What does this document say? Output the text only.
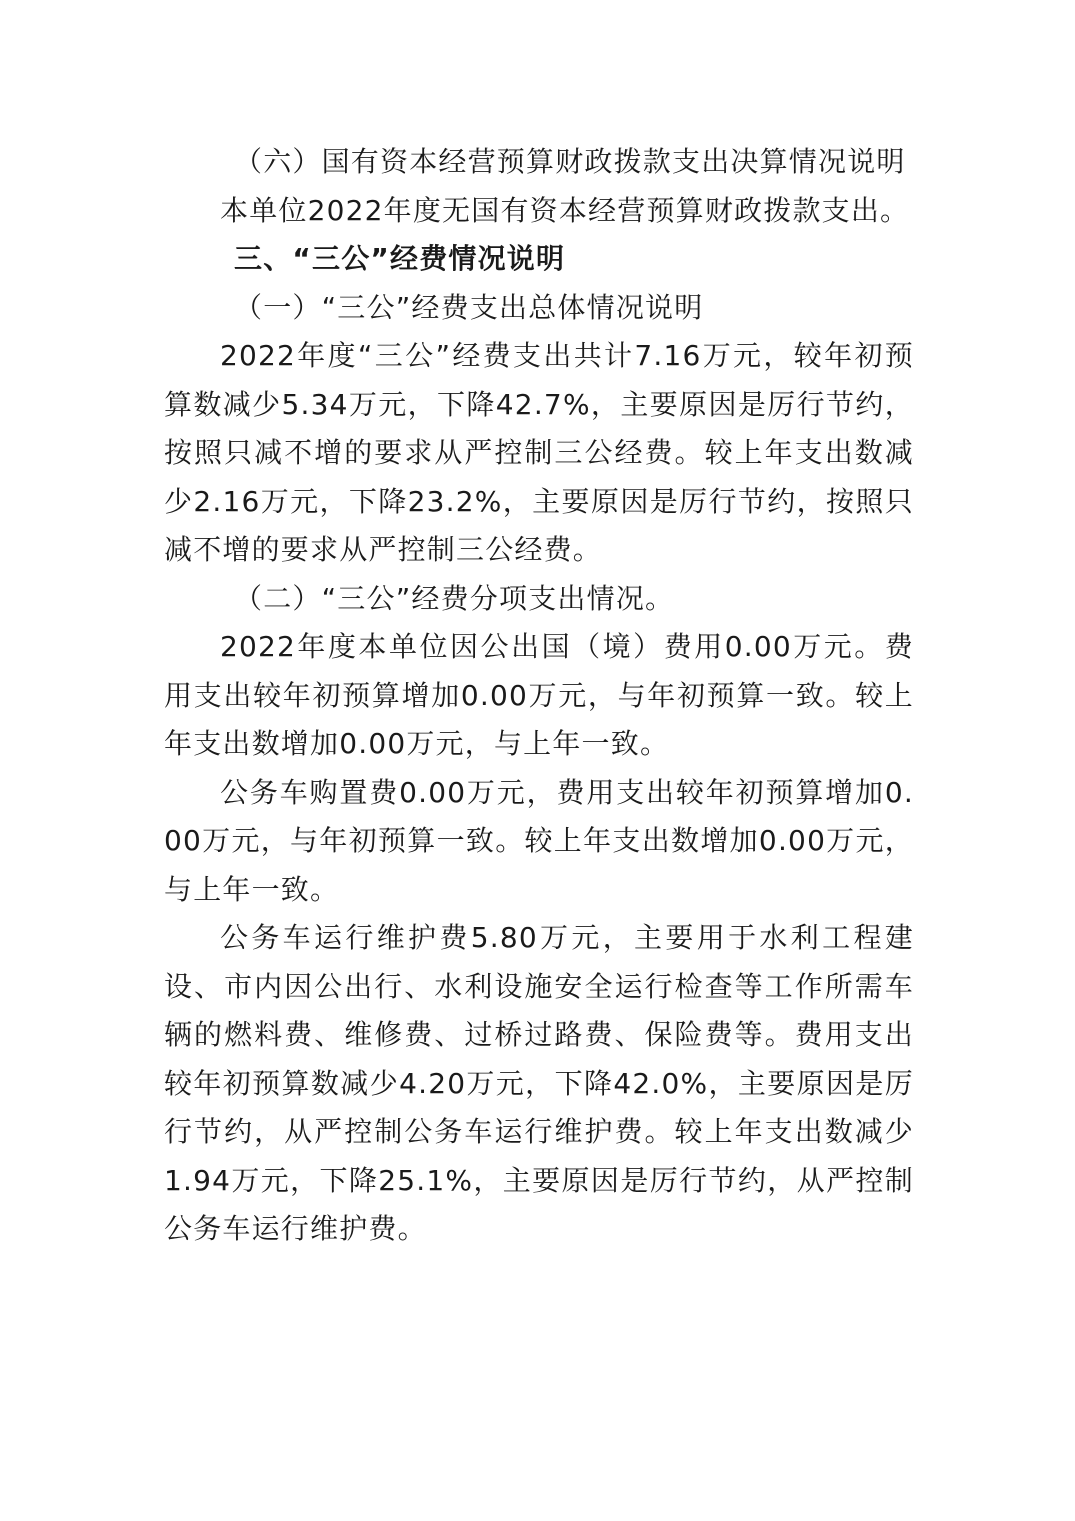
（六）国有资本经营预算财政拨款支出决算情况说明

本单位2022年度无国有资本经营预算财政拨款支出。

三、“三公”经费情况说明

（一）“三公”经费支出总体情况说明

2022年度“三公”经费支出共计7.16万元，较年初预算数减少5.34万元，下降42.7%，主要原因是厉行节约，按照只减不增的要求从严控制三公经费。较上年支出数减少2.16万元，下降23.2%，主要原因是厉行节约，按照只减不增的要求从严控制三公经费。

（二）“三公”经费分项支出情况。

2022年度本单位因公出国（境）费用0.00万元。费用支出较年初预算增加0.00万元，与年初预算一致。较上年支出数增加0.00万元，与上年一致。

公务车购置费0.00万元，费用支出较年初预算增加0.00万元，与年初预算一致。较上年支出数增加0.00万元，与上年一致。

公务车运行维护费5.80万元，主要用于水利工程建设、市内因公出行、水利设施安全运行检查等工作所需车辆的燃料费、维修费、过桥过路费、保险费等。费用支出较年初预算数减少4.20万元，下降42.0%，主要原因是厉行节约，从严控制公务车运行维护费。较上年支出数减少1.94万元，下降25.1%，主要原因是厉行节约，从严控制公务车运行维护费。
